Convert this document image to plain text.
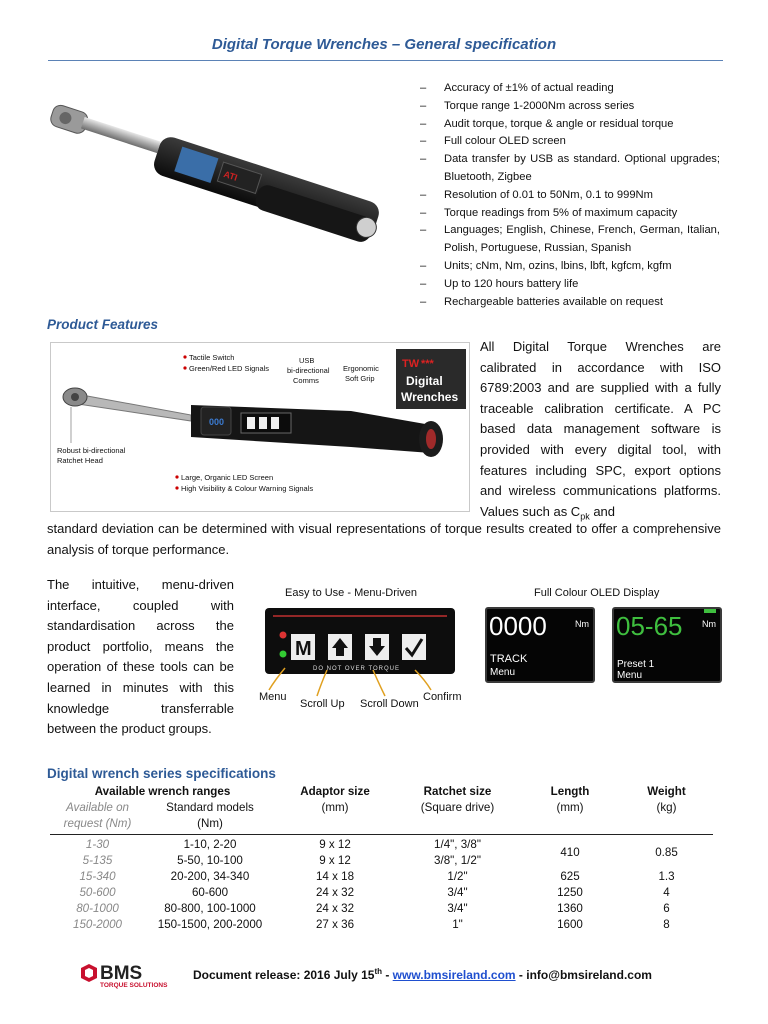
Digital Torque Wrenches – General specification
ATI
–	Accuracy of ±1% of actual reading
–	Torque range 1-2000Nm across series
–	Audit torque, torque & angle or residual torque
–	Full colour OLED screen
–	Data transfer by USB as standard. Optional upgrades; Bluetooth, Zigbee
–	Resolution of 0.01 to 50Nm, 0.1 to 999Nm
–	Torque readings from 5% of maximum capacity
–	Languages; English, Chinese, French, German, Italian, Polish, Portuguese, Russian, Spanish
–	Units; cNm, Nm, ozins, lbins, lbft, kgfcm, kgfm
–	Up to 120 hours battery life
–	Rechargeable batteries available on request
Product Features
000
TW ***
Digital
Wrenches
Tactile Switch
Green/Red LED Signals
USB
bi-directional
Comms
Ergonomic
Soft Grip
Robust bi-directional
Ratchet Head
Large, Organic LED Screen
High Visibility & Colour Warning Signals
All Digital Torque Wrenches are calibrated in accordance with ISO 6789:2003 and are supplied with a fully traceable calibration certificate. A PC based data management software is provided with every digital tool, with features including SPC, export options and wireless communications platforms. Values such as $C_{pk}$ and
standard deviation can be determined with visual representations of torque results created to offer a comprehensive analysis of torque performance.
The intuitive, menu-driven interface, coupled with standardisation across the product portfolio, means the operation of these tools can be learned in minutes with this knowledge transferrable between the product groups.
Easy to Use - Menu-Driven
M
DO NOT OVER TORQUE
Menu
Scroll Up Scroll Down
Confirm
Full Colour OLED Display
0000	Nm
TRACK
Menu
05-65 Nm
Preset 1
Menu
Digital wrench series specifications
Available wrench ranges		Adaptor size	Ratchet size	Length	Weight
Available on	Standard models	(mm)	(Square drive)	(mm)	(kg)
request (Nm)	(Nm)				

1-30	1-10, 2-20	9 x 12	1/4", 3/8"	410	0.85
5-135	5-50, 10-100	9 x 12	3/8", 1/2"		
15-340	20-200, 34-340	14 x 18	1/2"	625	1.3
50-600	60-600	24 x 32	3/4"	1250	4
80-1000	80-800, 100-1000	24 x 32	3/4"	1360	6
150-2000	150-1500, 200-2000	27 x 36	1"	1600	8
BMS
TORQUE SOLUTIONS
Document release: 2016 July 15th - www.bmsireland.com - info@bmsireland.com
